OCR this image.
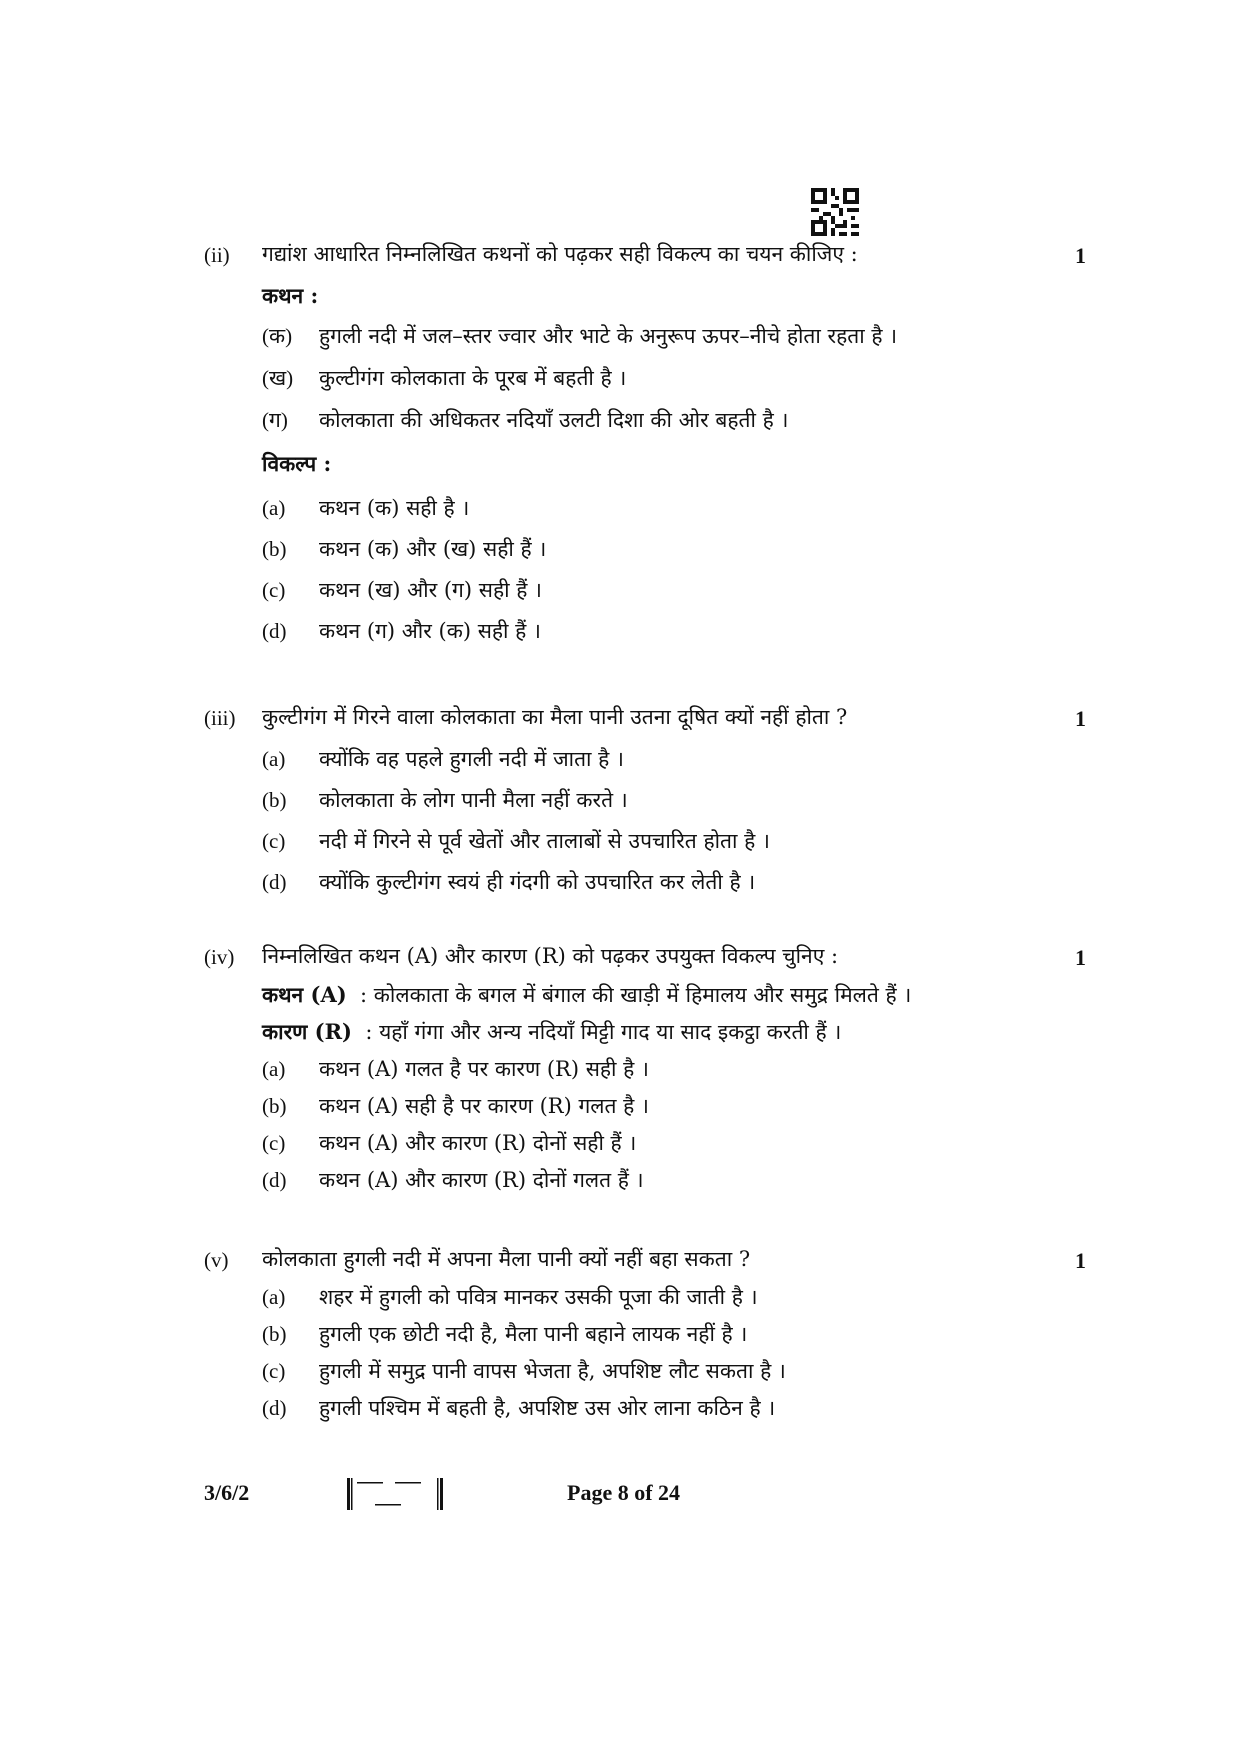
(ii) गद्यांश आधारित निम्नलिखित कथनों को पढ़कर सही विकल्प का चयन कीजिए :	1
कथन :
(क) हुगली नदी में जल–स्तर ज्वार और भाटे के अनुरूप ऊपर–नीचे होता रहता है ।
(ख) कुल्टीगंग कोलकाता के पूरब में बहती है ।
(ग) कोलकाता की अधिकतर नदियाँ उलटी दिशा की ओर बहती है ।
विकल्प :
(a) कथन (क) सही है ।
(b) कथन (क) और (ख) सही हैं ।
(c) कथन (ख) और (ग) सही हैं ।
(d) कथन (ग) और (क) सही हैं ।
(iii) कुल्टीगंग में गिरने वाला कोलकाता का मैला पानी उतना दूषित क्यों नहीं होता ?	1
(a) क्योंकि वह पहले हुगली नदी में जाता है ।
(b) कोलकाता के लोग पानी मैला नहीं करते ।
(c) नदी में गिरने से पूर्व खेतों और तालाबों से उपचारित होता है ।
(d) क्योंकि कुल्टीगंग स्वयं ही गंदगी को उपचारित कर लेती है ।
(iv) निम्नलिखित कथन (A) और कारण (R) को पढ़कर उपयुक्त विकल्प चुनिए :	1
कथन (A) : कोलकाता के बगल में बंगाल की खाड़ी में हिमालय और समुद्र मिलते हैं ।
कारण (R) : यहाँ गंगा और अन्य नदियाँ मिट्टी गाद या साद इकट्ठा करती हैं ।
(a) कथन (A) गलत है पर कारण (R) सही है ।
(b) कथन (A) सही है पर कारण (R) गलत है ।
(c) कथन (A) और कारण (R) दोनों सही हैं ।
(d) कथन (A) और कारण (R) दोनों गलत हैं ।
(v) कोलकाता हुगली नदी में अपना मैला पानी क्यों नहीं बहा सकता ?	1
(a) शहर में हुगली को पवित्र मानकर उसकी पूजा की जाती है ।
(b) हुगली एक छोटी नदी है, मैला पानी बहाने लायक नहीं है ।
(c) हुगली में समुद्र पानी वापस भेजता है, अपशिष्ट लौट सकता है ।
(d) हुगली पश्चिम में बहती है, अपशिष्ट उस ओर लाना कठिन है ।
3/6/2	Page 8 of 24
